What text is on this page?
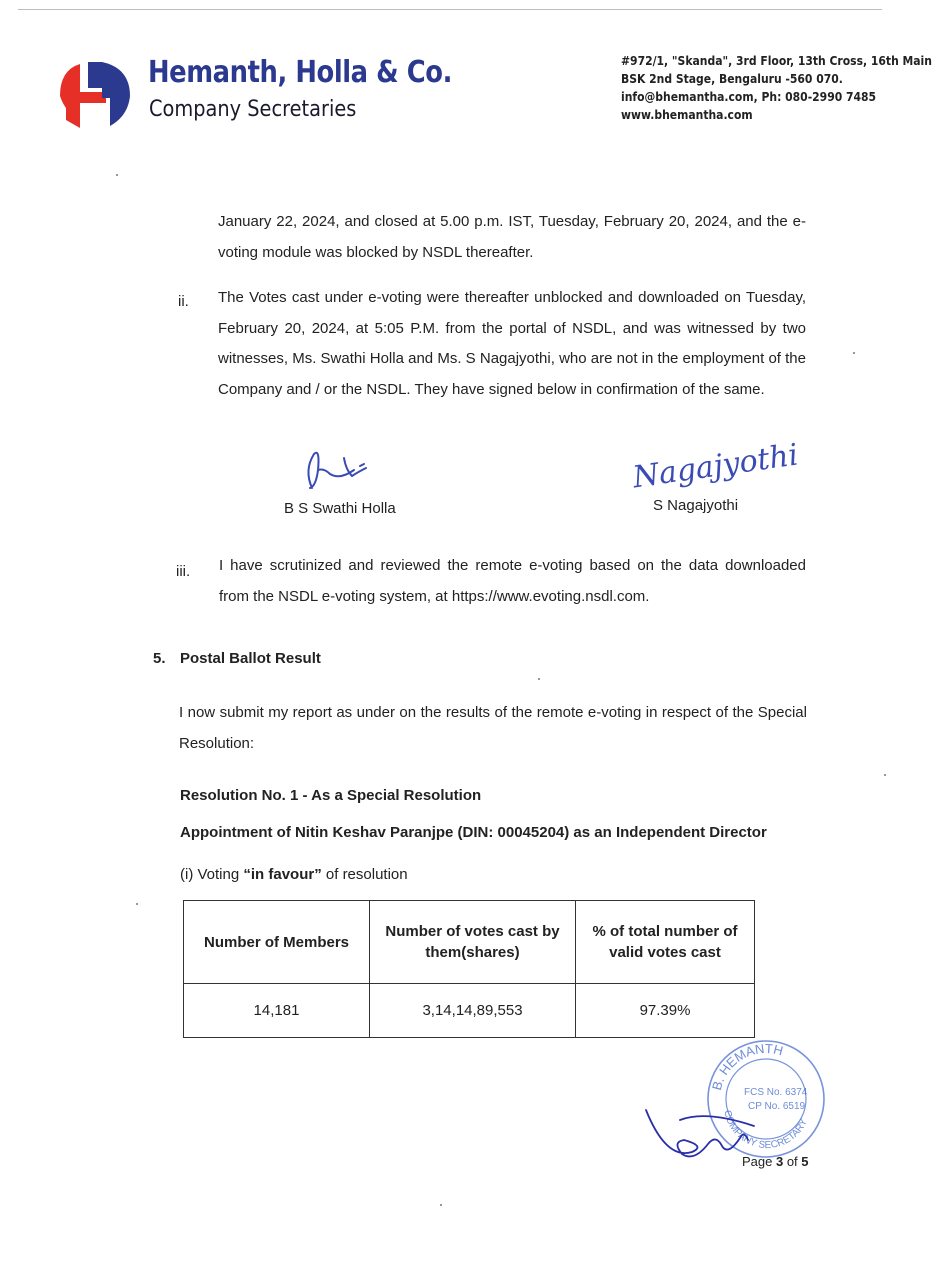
Hemanth, Holla & Co.
Company Secretaries
#972/1, "Skanda", 3rd Floor, 13th Cross, 16th Main
BSK 2nd Stage, Bengaluru -560 070.
info@bhemantha.com, Ph: 080-2990 7485
www.bhemantha.com
January 22, 2024, and closed at 5.00 p.m. IST, Tuesday, February 20, 2024, and the e-voting module was blocked by NSDL thereafter.
ii. The Votes cast under e-voting were thereafter unblocked and downloaded on Tuesday, February 20, 2024, at 5:05 P.M. from the portal of NSDL, and was witnessed by two witnesses, Ms. Swathi Holla and Ms. S Nagajyothi, who are not in the employment of the Company and / or the NSDL. They have signed below in confirmation of the same.
B S Swathi Holla
Nagajyothi
S Nagajyothi
iii. I have scrutinized and reviewed the remote e-voting based on the data downloaded from the NSDL e-voting system, at https://www.evoting.nsdl.com.
5. Postal Ballot Result
I now submit my report as under on the results of the remote e-voting in respect of the Special Resolution:
Resolution No. 1 - As a Special Resolution
Appointment of Nitin Keshav Paranjpe (DIN: 00045204) as an Independent Director
(i) Voting “in favour” of resolution
Number of Members	Number of votes cast by them(shares)	% of total number of valid votes cast
14,181	3,14,14,89,553	97.39%
B. HEMANTH
FCS No. 6374
CP No. 6519
COMPANY SECRETARY
Page 3 of 5
